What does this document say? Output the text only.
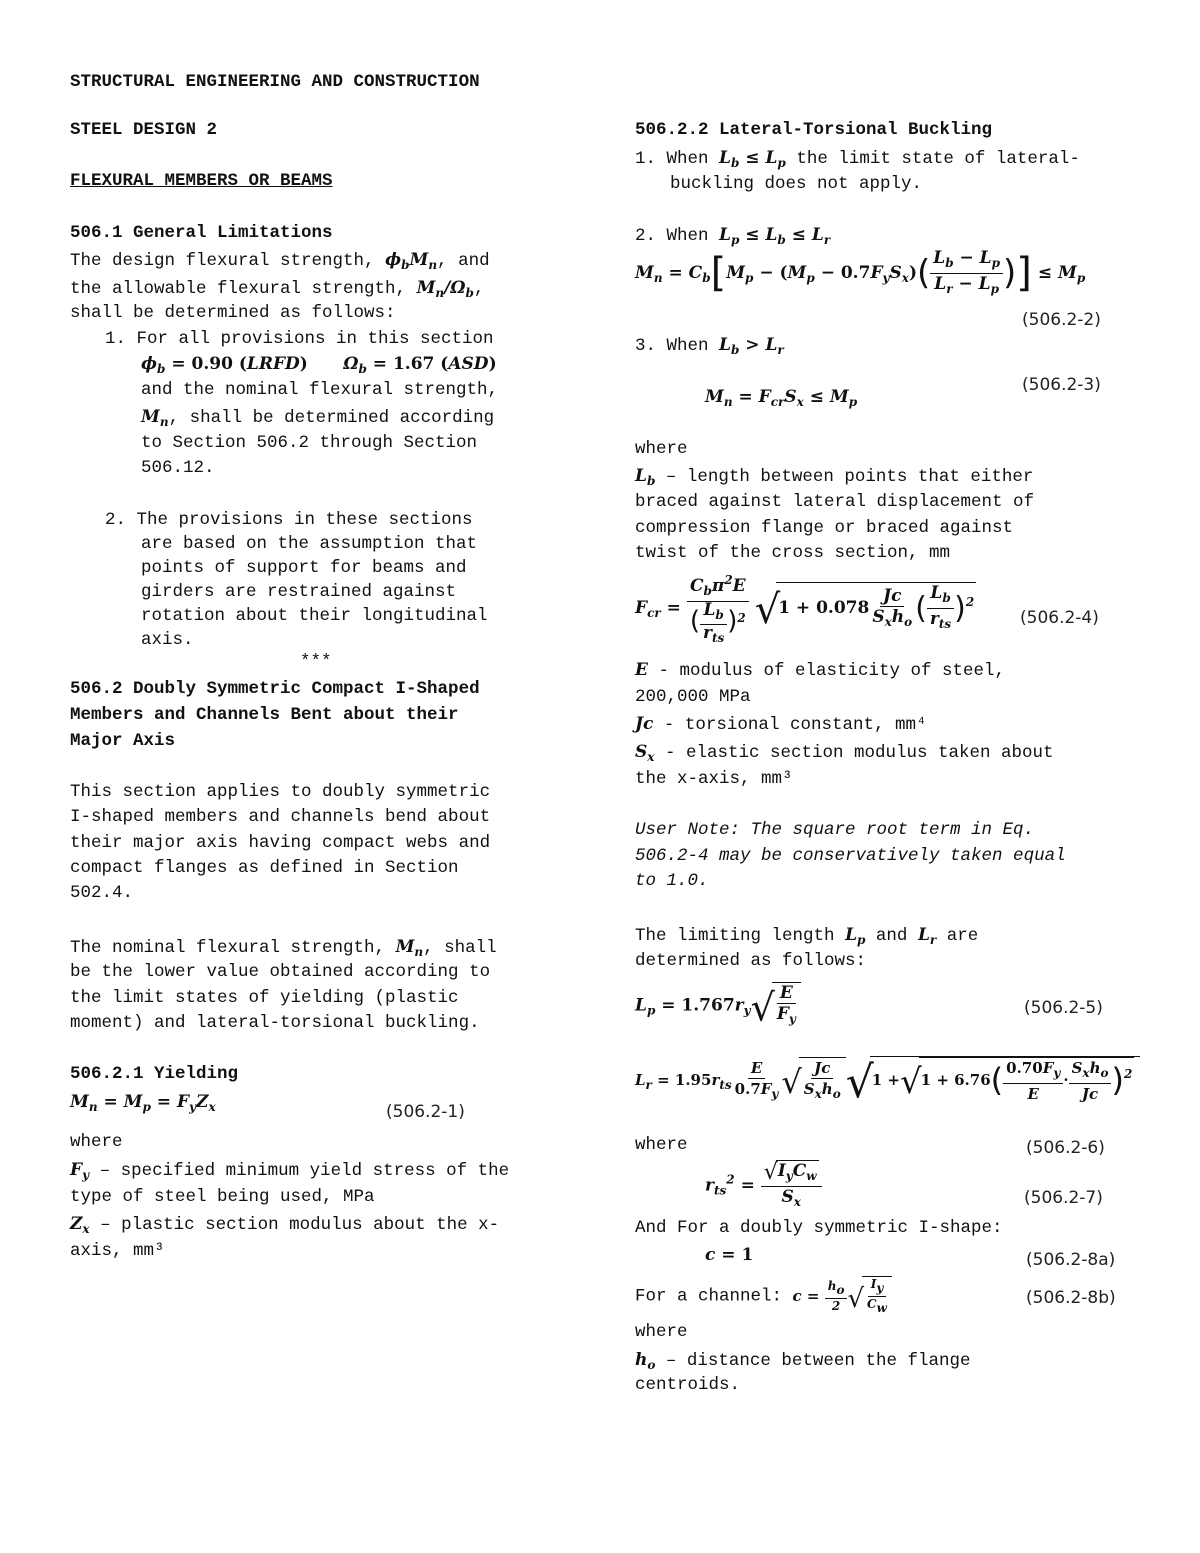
STRUCTURAL ENGINEERING AND CONSTRUCTION
STEEL DESIGN 2
FLEXURAL MEMBERS OR BEAMS
506.1 General Limitations
The design flexural strength, $\phi_bM_n$, and
the allowable flexural strength, $M_n/\Omega_b$,
shall be determined as follows:
1. For all provisions in this section
$\phi_b = 0.90$ (LRFD)      $\Omega_b = 1.67$ (ASD)
and the nominal flexural strength,
$M_n$, shall be determined according
to Section 506.2 through Section
506.12.
2. The provisions in these sections
are based on the assumption that
points of support for beams and
girders are restrained against
rotation about their longitudinal
axis.
***
506.2 Doubly Symmetric Compact I-Shaped
Members and Channels Bent about their
Major Axis
This section applies to doubly symmetric
I-shaped members and channels bend about
their major axis having compact webs and
compact flanges as defined in Section
502.4.
The nominal flexural strength, $M_n$, shall
be the lower value obtained according to
the limit states of yielding (plastic
moment) and lateral-torsional buckling.
506.2.1 Yielding
$M_n = M_p = F_yZ_x$	(506.2-1)
where
$F_y$ – specified minimum yield stress of the
type of steel being used, MPa
$Z_x$ – plastic section modulus about the x-
axis, mm³
506.2.2 Lateral-Torsional Buckling
1. When $L_b \le L_p$ the limit state of lateral-
buckling does not apply.
2. When $L_p \le L_b \le L_r$
$M_n = C_b[M_p - (M_p - 0.7F_yS_x)( \frac{L_b - L_p}{L_r - L_p}$ )] ≤ $M_p$
(506.2-2)
3. When $L_b > L_r$
(506.2-3)
$M_n = F_{cr}S_x \le M_p$
where
$L_b$ – length between points that either
braced against lateral displacement of
compression flange or braced against
twist of the cross section, mm
$F_{cr} = \frac{C_b\pi^2E}{( \frac{L_b}{r_{ts}} )^2} √1 + 0.078 \frac{Jc}{S_xh_o}$ ( $\frac{L_b}{r_{ts}} )^2$
(506.2-4)
E - modulus of elasticity of steel,
200,000 MPa
Jc - torsional constant, mm⁴
$S_x$ - elastic section modulus taken about
the x-axis, mm³
User Note: The square root term in Eq.
506.2-4 may be conservatively taken equal
to 1.0.
The limiting length $L_p$ and $L_r$ are
determined as follows:
$L_p = 1.767r_y√ \frac{E}{F_y}$	(506.2-5)
$L_r = 1.95r_{ts} \frac{E}{0.7F_y}$ √ $\frac{Jc}{S_xh_o} √1 +√1 + 6.76( \frac{0.70F_y}{E} \cdot \frac{S_xh_o}{Jc} )^2$
where	(506.2-6)
$r_{ts}^2 = \frac{√I_yC_w}{S_x}$	(506.2-7)
And For a doubly symmetric I-shape:
c = 1	(506.2-8a)
For a channel: $c = \frac{ho}{2}$ √ $\frac{Iy}{Cw}$	(506.2-8b)
where
$h_o$ – distance between the flange
centroids.
